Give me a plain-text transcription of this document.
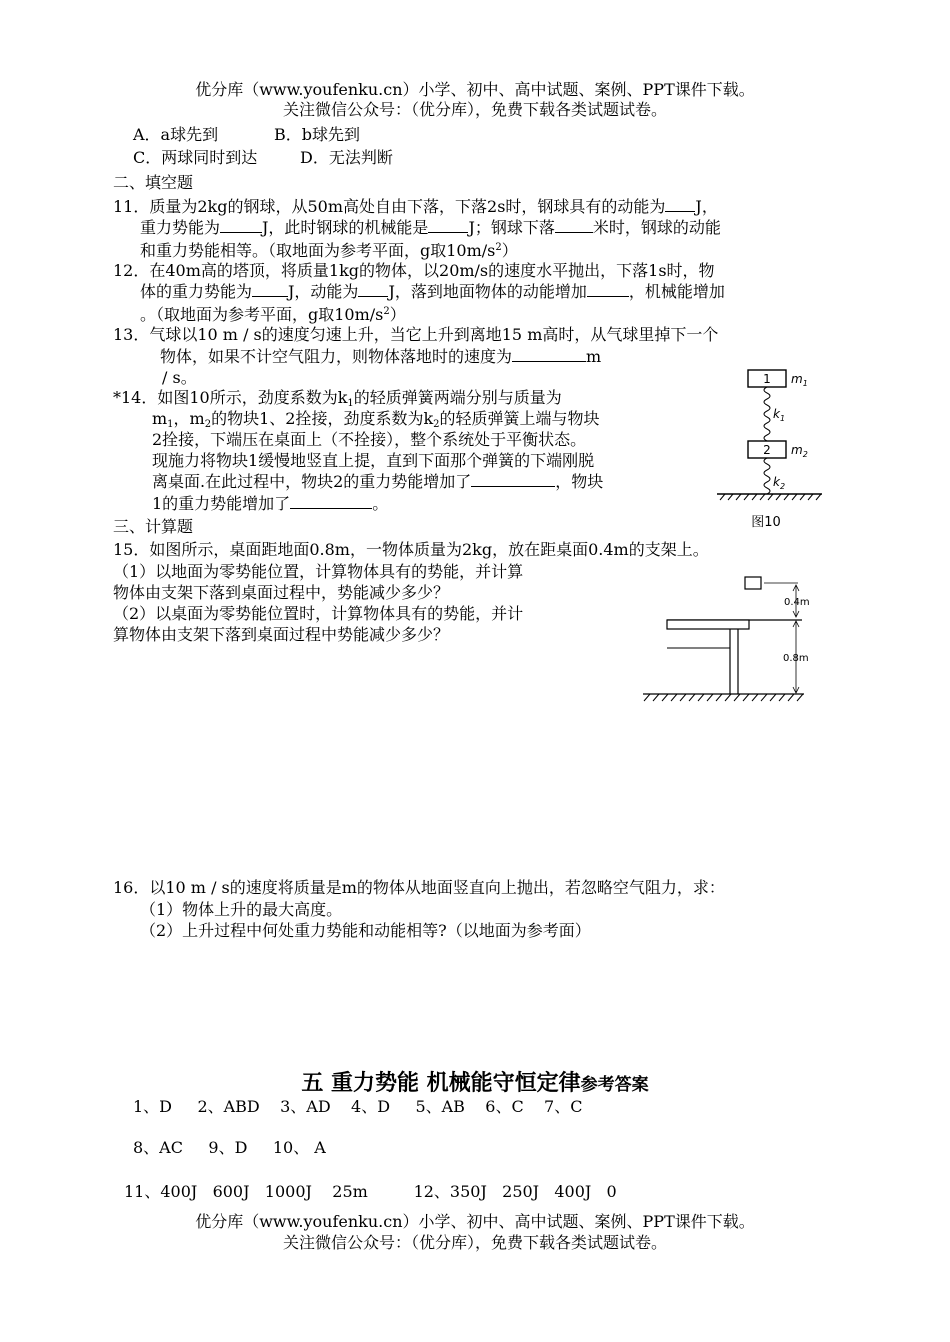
优分库（www.youfenku.cn）小学、初中、高中试题、案例、PPT课件下载。
关注微信公众号：（优分库），免费下载各类试题试卷。
A．a球先到	B．b球先到
C．两球同时到达	D．无法判断
二、填空题
11．质量为2kg的钢球，从50m高处自由下落，下落2s时，钢球具有的动能为 J，
重力势能为	J，此时钢球的机械能是	J；钢球下落 米时，钢球的动能
和重力势能相等。（取地面为参考平面，g取$10m/s^2$）
12．在40m高的塔顶，将质量1kg的物体，以20m/s的速度水平抛出，下落1s时，物
体的重力势能为 J，动能为 J，落到地面物体的动能增加	，机械能增加
。（取地面为参考平面，g取$10m/s^2$）
13．气球以10 m / s的速度匀速上升，当它上升到离地15 m高时，从气球里掉下一个
物体，如果不计空气阻力，则物体落地时的速度为	m
/ s。
*14．如图10所示，劲度系数为$k_1$的轻质弹簧两端分别与质量为
$m_1$，$m_2$的物块1、2拴接，劲度系数为$k_2$的轻质弹簧上端与物块
2拴接，下端压在桌面上（不拴接），整个系统处于平衡状态。
现施力将物块1缓慢地竖直上提，直到下面那个弹簧的下端刚脱
离桌面.在此过程中，物块2的重力势能增加了	，物块
1的重力势能增加了	。
1 $m_1$
$k_1$
2 $m_2$
$k_2$
图10
三、计算题
15．如图所示，桌面距地面0.8m，一物体质量为2kg，放在距桌面0.4m的支架上。
（1）以地面为零势能位置，计算物体具有的势能，并计算
物体由支架下落到桌面过程中，势能减少多少？
（2）以桌面为零势能位置时，计算物体具有的势能，并计
算物体由支架下落到桌面过程中势能减少多少？
0.4m
0.8m
16．以10 m / s的速度将质量是m的物体从地面竖直向上抛出，若忽略空气阻力，求：
（1）物体上升的最大高度。
（2）上升过程中何处重力势能和动能相等?（以地面为参考面）
五 重力势能 机械能守恒定律参考答案
1、D     2、ABD    3、AD    4、D     5、AB    6、C    7、C
8、AC     9、D     10、 A
11、400J   600J   1000J    25m         12、350J   250J   400J   0
优分库（www.youfenku.cn）小学、初中、高中试题、案例、PPT课件下载。
关注微信公众号：（优分库），免费下载各类试题试卷。
